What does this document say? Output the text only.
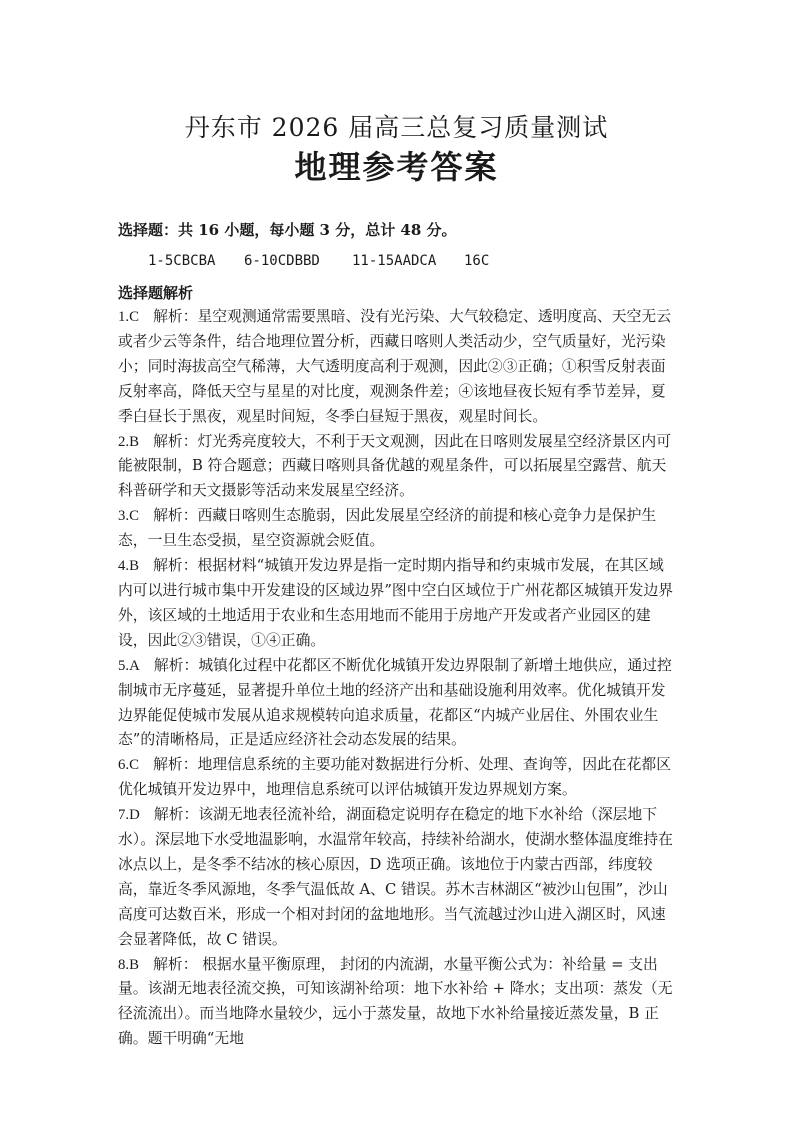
丹东市 2026 届高三总复习质量测试
地理参考答案
选择题：共 16 小题，每小题 3 分，总计 48 分。
1-5CBCBA 6-10CDBBD 11-15AADCA 16C
选择题解析

1.C 解析：星空观测通常需要黑暗、没有光污染、大气较稳定、透明度高、天空无云或者少云等条件，结合地理位置分析，西藏日喀则人类活动少，空气质量好，光污染小；同时海拔高空气稀薄，大气透明度高利于观测，因此②③正确；①积雪反射表面反射率高，降低天空与星星的对比度，观测条件差；④该地昼夜长短有季节差异，夏季白昼长于黑夜，观星时间短，冬季白昼短于黑夜，观星时间长。

2.B 解析：灯光秀亮度较大，不利于天文观测，因此在日喀则发展星空经济景区内可能被限制，B 符合题意；西藏日喀则具备优越的观星条件，可以拓展星空露营、航天科普研学和天文摄影等活动来发展星空经济。

3.C 解析：西藏日喀则生态脆弱，因此发展星空经济的前提和核心竞争力是保护生态，一旦生态受损，星空资源就会贬值。

4.B 解析：根据材料“城镇开发边界是指一定时期内指导和约束城市发展，在其区域内可以进行城市集中开发建设的区域边界”图中空白区域位于广州花都区城镇开发边界外，该区域的土地适用于农业和生态用地而不能用于房地产开发或者产业园区的建设，因此②③错误，①④正确。

5.A 解析：城镇化过程中花都区不断优化城镇开发边界限制了新增土地供应，通过控制城市无序蔓延，显著提升单位土地的经济产出和基础设施利用效率。优化城镇开发边界能促使城市发展从追求规模转向追求质量，花都区“内城产业居住、外围农业生态”的清晰格局，正是适应经济社会动态发展的结果。

6.C 解析：地理信息系统的主要功能对数据进行分析、处理、查询等，因此在花都区优化城镇开发边界中，地理信息系统可以评估城镇开发边界规划方案。

7.D 解析：该湖无地表径流补给，湖面稳定说明存在稳定的地下水补给（深层地下水）。深层地下水受地温影响，水温常年较高，持续补给湖水，使湖水整体温度维持在冰点以上，是冬季不结冰的核心原因，D 选项正确。该地位于内蒙古西部，纬度较高，靠近冬季风源地，冬季气温低故 A、C 错误。苏木吉林湖区“被沙山包围”，沙山高度可达数百米，形成一个相对封闭的盆地地形。当气流越过沙山进入湖区时，风速会显著降低，故 C 错误。

8.B 解析： 根据水量平衡原理， 封闭的内流湖，水量平衡公式为：补给量 = 支出量。该湖无地表径流交换，可知该湖补给项：地下水补给 + 降水；支出项：蒸发（无径流流出）。而当地降水量较少，远小于蒸发量，故地下水补给量接近蒸发量，B 正确。题干明确“无地
